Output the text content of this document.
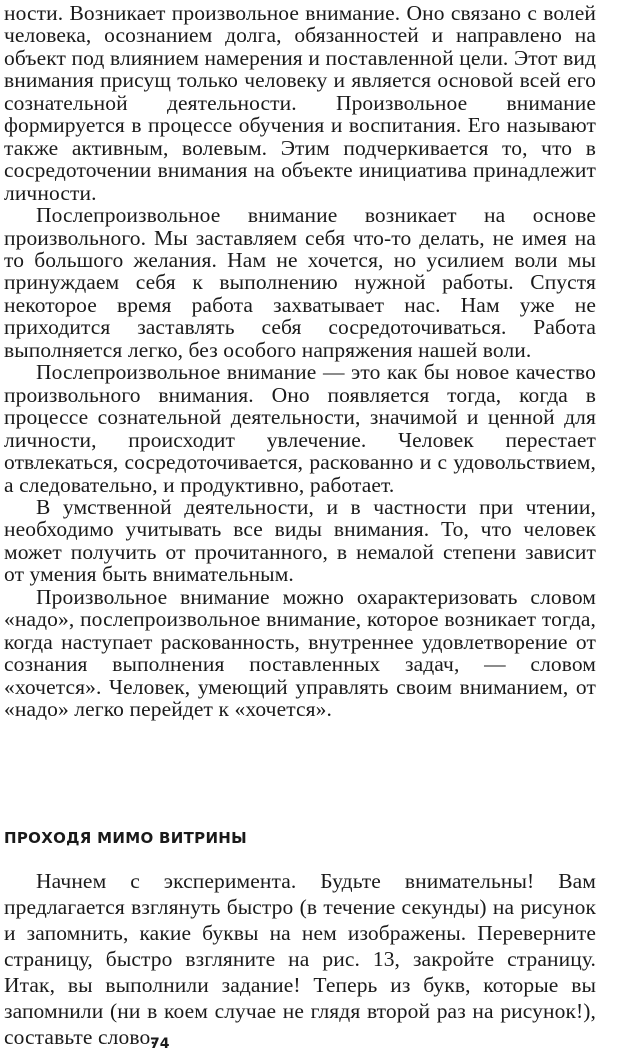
ности. Возникает произвольное внимание. Оно связано с волей человека, осознанием долга, обязанностей и направлено на объект под влиянием намерения и поставленной цели. Этот вид внимания присущ только человеку и является основой всей его сознательной деятельности. Произвольное внимание формируется в процессе обучения и воспитания. Его называют также активным, волевым. Этим подчеркивается то, что в сосредоточении внимания на объекте инициатива принадлежит личности.

Послепроизвольное внимание возникает на основе произвольного. Мы заставляем себя что-то делать, не имея на то большого желания. Нам не хочется, но усилием воли мы принуждаем себя к выполнению нужной работы. Спустя некоторое время работа захватывает нас. Нам уже не приходится заставлять себя сосредоточиваться. Работа выполняется легко, без особого напряжения нашей воли.

Послепроизвольное внимание — это как бы новое качество произвольного внимания. Оно появляется тогда, когда в процессе сознательной деятельности, значимой и ценной для личности, происходит увлечение. Человек перестает отвлекаться, сосредоточивается, раскованно и с удовольствием, а следовательно, и продуктивно, работает.

В умственной деятельности, и в частности при чтении, необходимо учитывать все виды внимания. То, что человек может получить от прочитанного, в немалой степени зависит от умения быть внимательным.

Произвольное внимание можно охарактеризовать словом «надо», послепроизвольное внимание, которое возникает тогда, когда наступает раскованность, внутреннее удовлетворение от сознания выполнения поставленных задач, — словом «хочется». Человек, умеющий управлять своим вниманием, от «надо» легко перейдет к «хочется».

ПРОХОДЯ МИМО ВИТРИНЫ

Начнем с эксперимента. Будьте внимательны! Вам предлагается взглянуть быстро (в течение секунды) на рисунок и запомнить, какие буквы на нем изображены. Переверните страницу, быстро взгляните на рис. 13, закройте страницу. Итак, вы выполнили задание! Теперь из букв, которые вы запомнили (ни в коем случае не глядя второй раз на рисунок!), составьте слово.

74
